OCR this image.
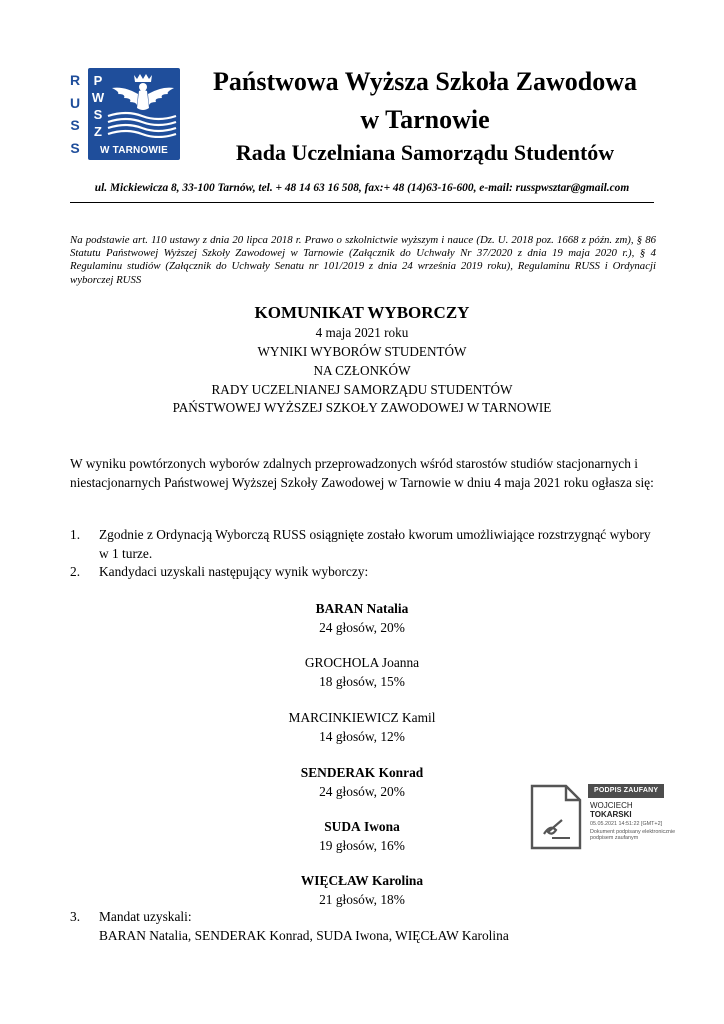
R
U
S
S
P
W
S
Z
W TARNOWIE
Państwowa Wyższa Szkoła Zawodowa
w Tarnowie
Rada Uczelniana Samorządu Studentów
ul. Mickiewicza 8, 33-100 Tarnów, tel. + 48 14 63 16 508, fax:+ 48 (14)63-16-600, e-mail: russpwsztar@gmail.com
Na podstawie art. 110 ustawy z dnia 20 lipca 2018 r. Prawo o szkolnictwie wyższym i nauce (Dz. U. 2018 poz. 1668 z późn. zm), § 86 Statutu Państwowej Wyższej Szkoły Zawodowej w Tarnowie (Załącznik do Uchwały Nr 37/2020 z dnia 19 maja 2020 r.), § 4 Regulaminu studiów (Załącznik do Uchwały Senatu nr 101/2019 z dnia 24 września 2019 roku), Regulaminu RUSS i Ordynacji wyborczej RUSS
KOMUNIKAT WYBORCZY
4 maja 2021 roku
WYNIKI WYBORÓW STUDENTÓW
NA CZŁONKÓW
RADY UCZELNIANEJ SAMORZĄDU STUDENTÓW
PAŃSTWOWEJ WYŻSZEJ SZKOŁY ZAWODOWEJ W TARNOWIE
W wyniku powtórzonych wyborów zdalnych przeprowadzonych wśród starostów studiów stacjonarnych i niestacjonarnych Państwowej Wyższej Szkoły Zawodowej w Tarnowie w dniu 4 maja 2021 roku ogłasza się:
1. Zgodnie z Ordynacją Wyborczą RUSS osiągnięte zostało kworum umożliwiające rozstrzygnąć wybory w 1 turze.
2. Kandydaci uzyskali następujący wynik wyborczy:
BARAN Natalia
24 głosów, 20%
GROCHOLA Joanna
18 głosów, 15%
MARCINKIEWICZ Kamil
14 głosów, 12%
SENDERAK Konrad
24 głosów, 20%
SUDA Iwona
19 głosów, 16%
WIĘCŁAW Karolina
21 głosów, 18%
3. Mandat uzyskali:
BARAN Natalia, SENDERAK Konrad, SUDA Iwona, WIĘCŁAW Karolina
PODPIS ZAUFANY
WOJCIECH
TOKARSKI
05.05.2021 14:51:22 [GMT+2]
Dokument podpisany elektronicznie podpisem zaufanym
